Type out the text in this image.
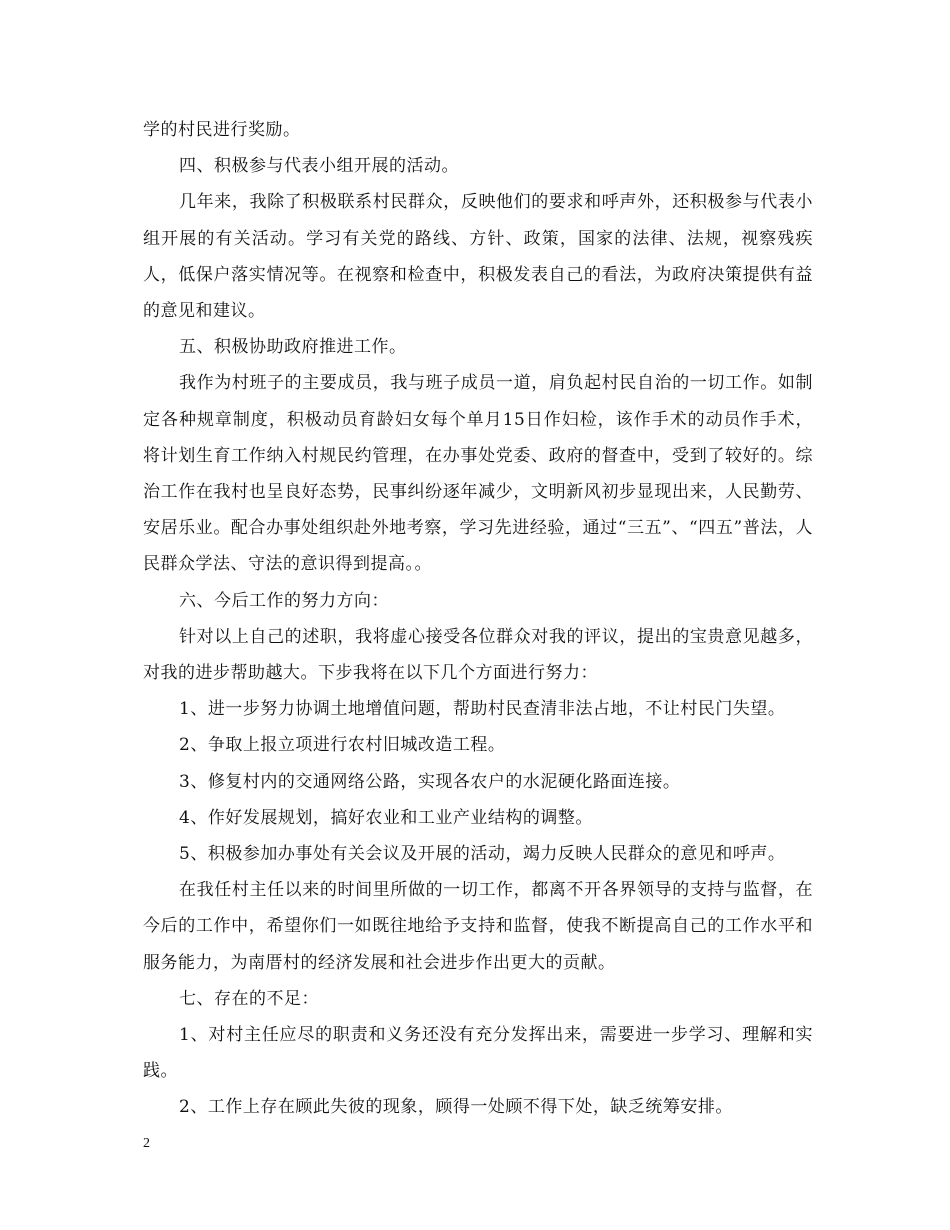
学的村民进行奖励。

四、积极参与代表小组开展的活动。

几年来，我除了积极联系村民群众，反映他们的要求和呼声外，还积极参与代表小组开展的有关活动。学习有关党的路线、方针、政策，国家的法律、法规，视察残疾人，低保户落实情况等。在视察和检查中，积极发表自己的看法，为政府决策提供有益的意见和建议。

五、积极协助政府推进工作。

我作为村班子的主要成员，我与班子成员一道，肩负起村民自治的一切工作。如制定各种规章制度，积极动员育龄妇女每个单月15日作妇检，该作手术的动员作手术，将计划生育工作纳入村规民约管理，在办事处党委、政府的督查中，受到了较好的。综治工作在我村也呈良好态势，民事纠纷逐年减少，文明新风初步显现出来，人民勤劳、安居乐业。配合办事处组织赴外地考察，学习先进经验，通过“三五”、“四五”普法，人民群众学法、守法的意识得到提高。。

六、今后工作的努力方向：

针对以上自己的述职，我将虚心接受各位群众对我的评议，提出的宝贵意见越多，对我的进步帮助越大。下步我将在以下几个方面进行努力：

1、进一步努力协调土地增值问题，帮助村民查清非法占地，不让村民门失望。

2、争取上报立项进行农村旧城改造工程。

3、修复村内的交通网络公路，实现各农户的水泥硬化路面连接。

4、作好发展规划，搞好农业和工业产业结构的调整。

5、积极参加办事处有关会议及开展的活动，竭力反映人民群众的意见和呼声。

在我任村主任以来的时间里所做的一切工作，都离不开各界领导的支持与监督，在今后的工作中，希望你们一如既往地给予支持和监督，使我不断提高自己的工作水平和服务能力，为南厝村的经济发展和社会进步作出更大的贡献。

七、存在的不足：

1、对村主任应尽的职责和义务还没有充分发挥出来，需要进一步学习、理解和实践。

2、工作上存在顾此失彼的现象，顾得一处顾不得下处，缺乏统筹安排。

2
